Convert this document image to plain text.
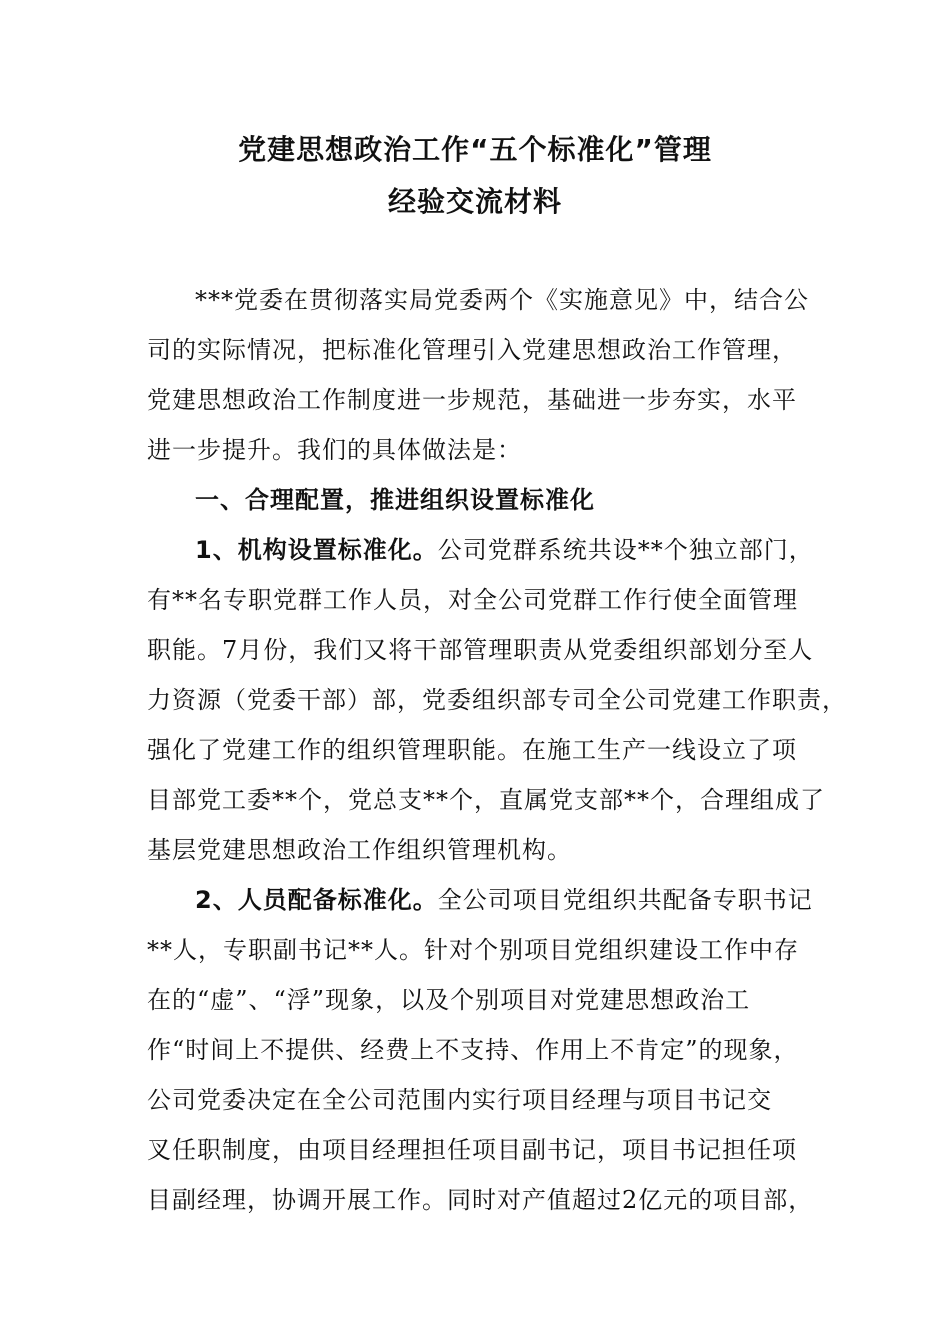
党建思想政治工作“五个标准化”管理
经验交流材料
***党委在贯彻落实局党委两个《实施意见》中，结合公
司的实际情况，把标准化管理引入党建思想政治工作管理，
党建思想政治工作制度进一步规范，基础进一步夯实，水平
进一步提升。我们的具体做法是：
一、合理配置，推进组织设置标准化
1、机构设置标准化。公司党群系统共设**个独立部门，
有**名专职党群工作人员，对全公司党群工作行使全面管理
职能。7月份，我们又将干部管理职责从党委组织部划分至人
力资源（党委干部）部，党委组织部专司全公司党建工作职责，
强化了党建工作的组织管理职能。在施工生产一线设立了项
目部党工委**个，党总支**个，直属党支部**个，合理组成了
基层党建思想政治工作组织管理机构。
2、人员配备标准化。全公司项目党组织共配备专职书记
**人，专职副书记**人。针对个别项目党组织建设工作中存
在的“虚”、“浮”现象，以及个别项目对党建思想政治工
作“时间上不提供、经费上不支持、作用上不肯定”的现象，
公司党委决定在全公司范围内实行项目经理与项目书记交
叉任职制度，由项目经理担任项目副书记，项目书记担任项
目副经理，协调开展工作。同时对产值超过2亿元的项目部，
